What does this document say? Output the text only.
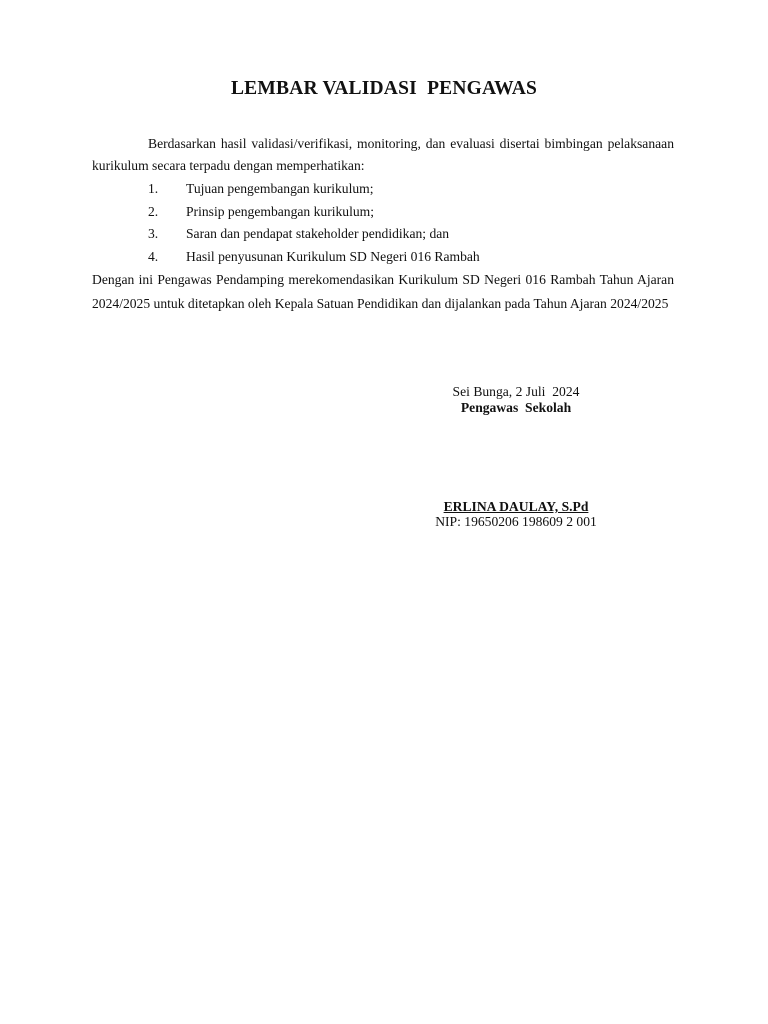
LEMBAR VALIDASI  PENGAWAS
Berdasarkan hasil validasi/verifikasi, monitoring, dan evaluasi disertai bimbingan pelaksanaan kurikulum secara terpadu dengan memperhatikan:
1. Tujuan pengembangan kurikulum;
2. Prinsip pengembangan kurikulum;
3. Saran dan pendapat stakeholder pendidikan; dan
4. Hasil penyusunan Kurikulum SD Negeri 016 Rambah
Dengan ini Pengawas Pendamping merekomendasikan Kurikulum SD Negeri 016 Rambah Tahun Ajaran 2024/2025 untuk ditetapkan oleh Kepala Satuan Pendidikan dan dijalankan pada Tahun Ajaran 2024/2025
Sei Bunga, 2 Juli  2024
Pengawas  Sekolah
ERLINA DAULAY, S.Pd
NIP: 19650206 198609 2 001
